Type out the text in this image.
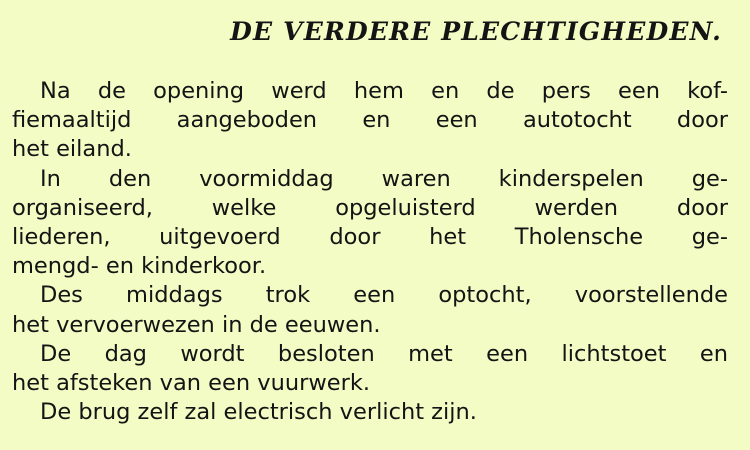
DE VERDERE PLECHTIGHEDEN.
Na de opening werd hem en de pers een kof-
fiemaaltijd aangeboden en een autotocht door
het eiland.
In den voormiddag waren kinderspelen ge-
organiseerd, welke opgeluisterd werden door
liederen, uitgevoerd door het Tholensche ge-
mengd- en kinderkoor.
Des middags trok een optocht, voorstellende
het vervoerwezen in de eeuwen.
De dag wordt besloten met een lichtstoet en
het afsteken van een vuurwerk.
De brug zelf zal electrisch verlicht zijn.
